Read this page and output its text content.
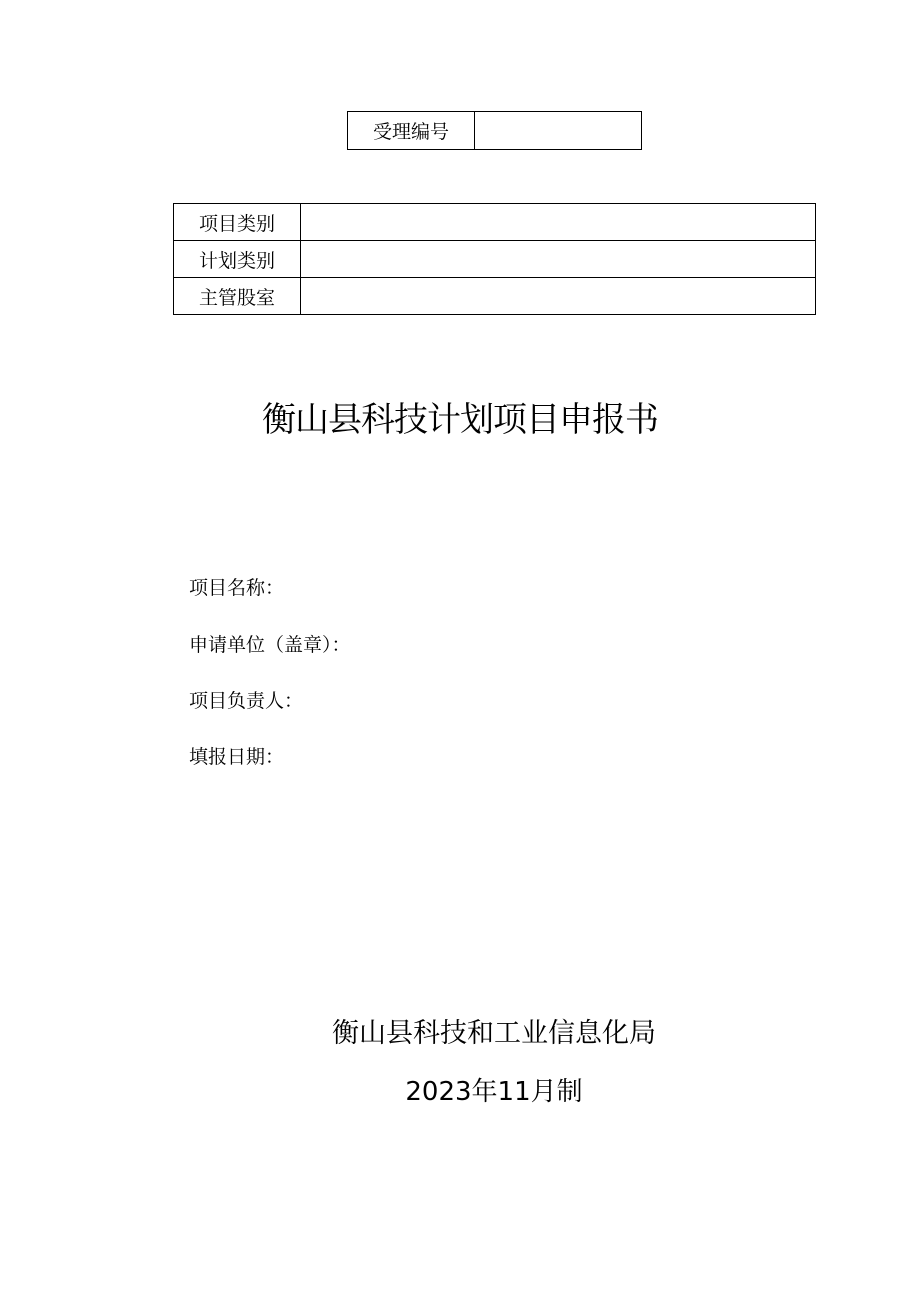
受理编号	
项目类别	
计划类别	
主管股室	
衡山县科技计划项目申报书
项目名称：
申请单位（盖章）：
项目负责人：
填报日期：
衡山县科技和工业信息化局
2023年11月制
